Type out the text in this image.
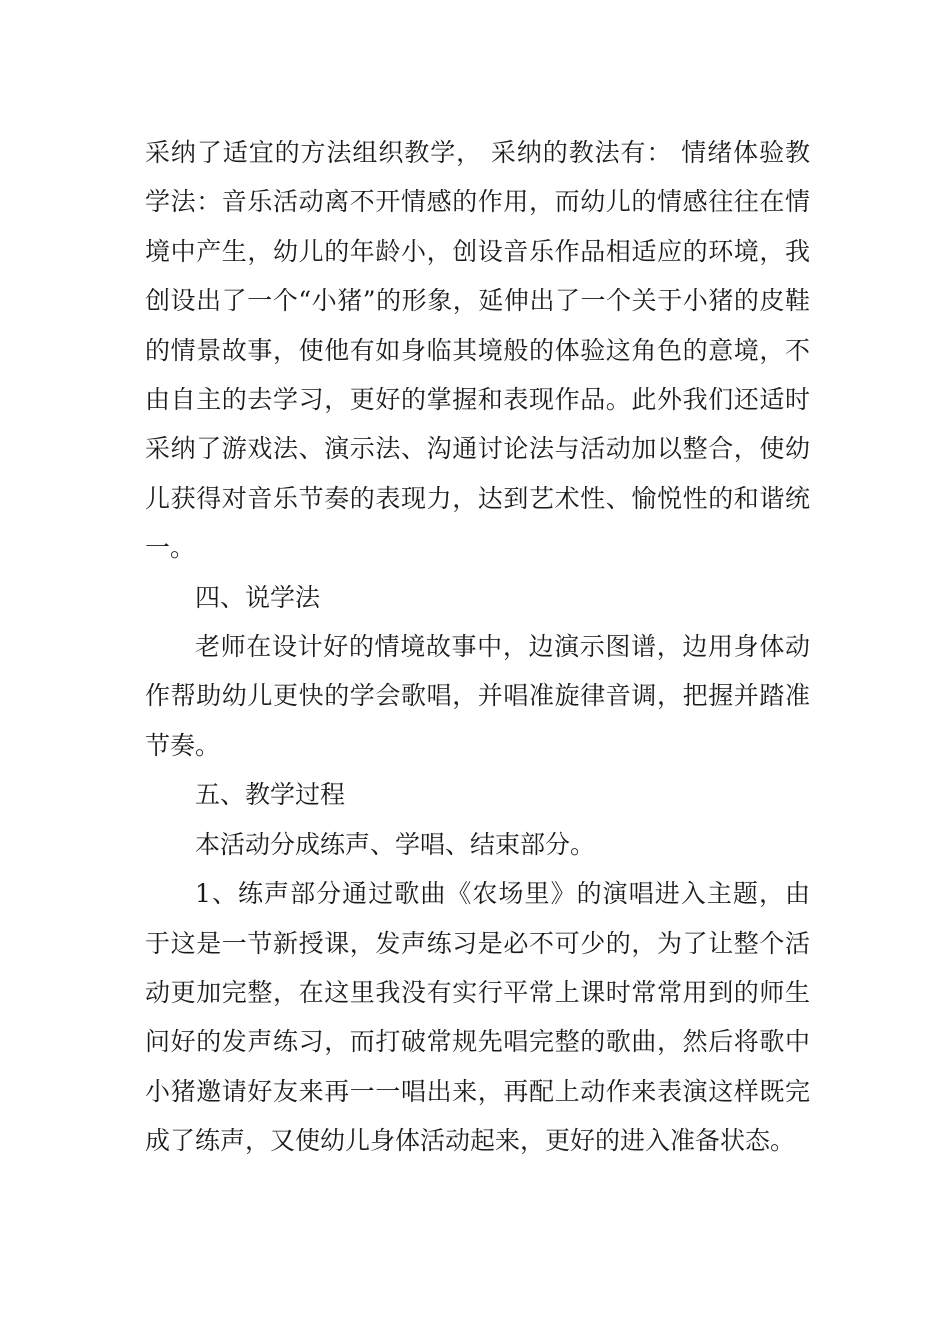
采纳了适宜的方法组织教学， 采纳的教法有： 情绪体验教学法：音乐活动离不开情感的作用，而幼儿的情感往往在情境中产生，幼儿的年龄小，创设音乐作品相适应的环境，我创设出了一个“小猪”的形象，延伸出了一个关于小猪的皮鞋的情景故事，使他有如身临其境般的体验这角色的意境，不由自主的去学习，更好的掌握和表现作品。此外我们还适时采纳了游戏法、演示法、沟通讨论法与活动加以整合，使幼儿获得对音乐节奏的表现力，达到艺术性、愉悦性的和谐统一。

四、说学法

老师在设计好的情境故事中，边演示图谱，边用身体动作帮助幼儿更快的学会歌唱，并唱准旋律音调，把握并踏准节奏。

五、教学过程

本活动分成练声、学唱、结束部分。

1、练声部分通过歌曲《农场里》的演唱进入主题，由于这是一节新授课，发声练习是必不可少的，为了让整个活动更加完整，在这里我没有实行平常上课时常常用到的师生问好的发声练习，而打破常规先唱完整的歌曲，然后将歌中小猪邀请好友来再一一唱出来，再配上动作来表演这样既完成了练声，又使幼儿身体活动起来，更好的进入准备状态。
